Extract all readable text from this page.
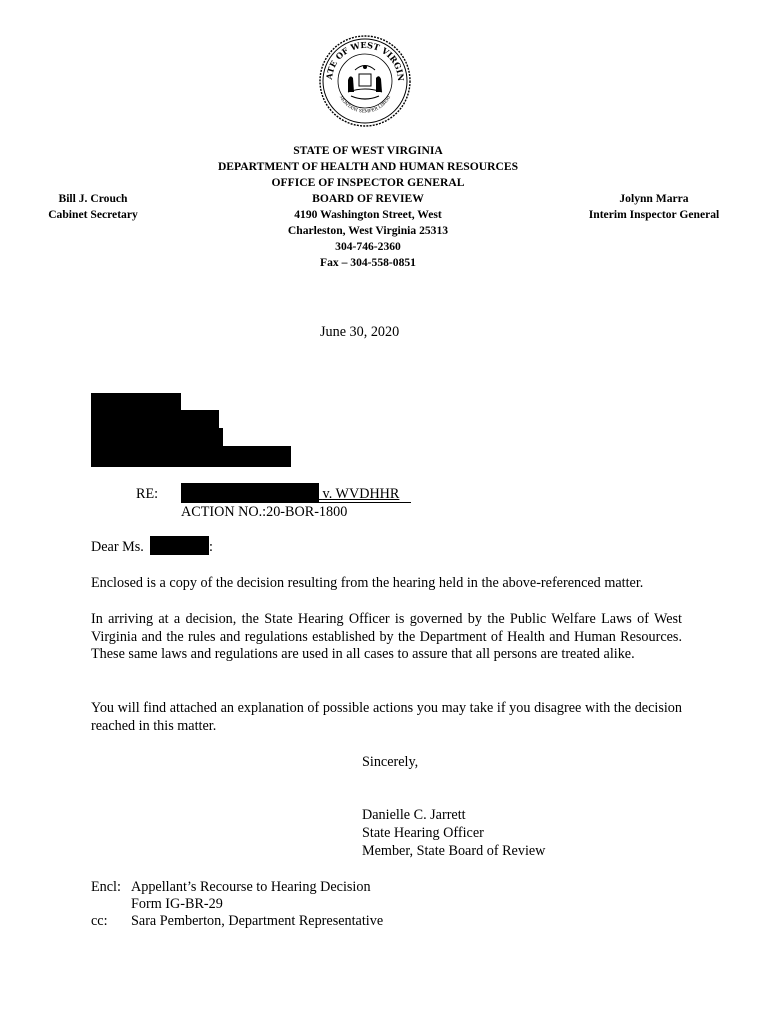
ATE OF WEST VIRGIN
MONTANI SEMPER LIBERI
STATE OF WEST VIRGINIA
DEPARTMENT OF HEALTH AND HUMAN RESOURCES
OFFICE OF INSPECTOR GENERAL
BOARD OF REVIEW
4190 Washington Street, West
Charleston, West Virginia 25313
304-746-2360
Fax – 304-558-0851
Bill J. Crouch
Cabinet Secretary
Jolynn Marra
Interim Inspector General
June 30, 2020
RE:	v. WVDHHR
ACTION NO.:20-BOR-1800
Dear Ms.	:
Enclosed is a copy of the decision resulting from the hearing held in the above-referenced matter.
In arriving at a decision, the State Hearing Officer is governed by the Public Welfare Laws of West Virginia and the rules and regulations established by the Department of Health and Human Resources. These same laws and regulations are used in all cases to assure that all persons are treated alike.
You will find attached an explanation of possible actions you may take if you disagree with the decision reached in this matter.
Sincerely,
Danielle C. Jarrett
State Hearing Officer
Member, State Board of Review
Encl: Appellant’s Recourse to Hearing Decision
Form IG-BR-29
cc: Sara Pemberton, Department Representative
